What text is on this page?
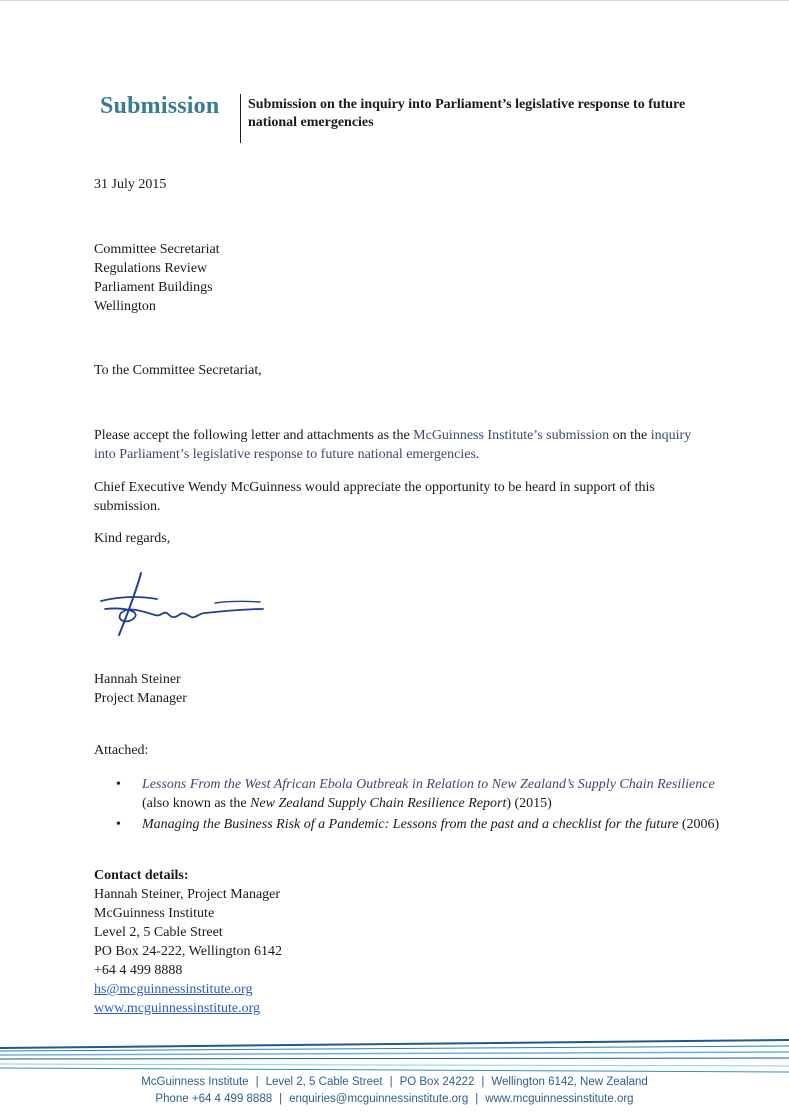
Submission Submission on the inquiry into Parliament’s legislative response to future national emergencies
31 July 2015
Committee Secretariat
Regulations Review
Parliament Buildings
Wellington
To the Committee Secretariat,
Please accept the following letter and attachments as the McGuinness Institute’s submission on the inquiry into Parliament’s legislative response to future national emergencies.
Chief Executive Wendy McGuinness would appreciate the opportunity to be heard in support of this submission.
Kind regards,
Hannah Steiner
Project Manager
Attached:
• Lessons From the West African Ebola Outbreak in Relation to New Zealand’s Supply Chain Resilience (also known as the New Zealand Supply Chain Resilience Report) (2015)
• Managing the Business Risk of a Pandemic: Lessons from the past and a checklist for the future (2006)
Contact details:
Hannah Steiner, Project Manager
McGuinness Institute
Level 2, 5 Cable Street
PO Box 24-222, Wellington 6142
+64 4 499 8888
hs@mcguinnessinstitute.org
www.mcguinnessinstitute.org
McGuinness Institute | Level 2, 5 Cable Street | PO Box 24222 | Wellington 6142, New Zealand
Phone +64 4 499 8888 | enquiries@mcguinnessinstitute.org | www.mcguinnessinstitute.org
